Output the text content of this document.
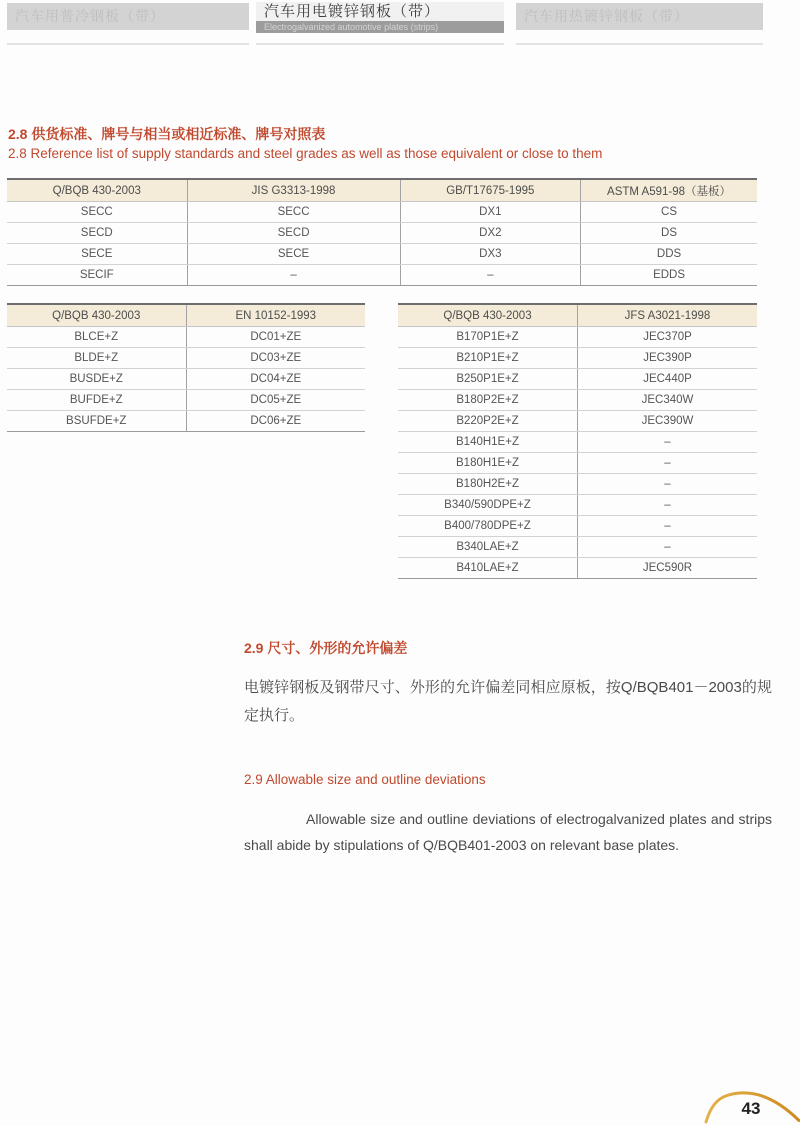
汽车用普冷钢板（带）	汽车用电镀锌钢板（带）
Electrogalvanized automotive plates (strips)
汽车用热镀锌钢板（带）
2.8 供货标准、牌号与相当或相近标准、牌号对照表
2.8 Reference list of supply standards and steel grades as well as those equivalent or close to them
Q/BQB 430-2003	JIS G3313-1998	GB/T17675-1995	ASTM A591-98（基板）
SECC	SECC	DX1	CS
SECD	SECD	DX2	DS
SECE	SECE	DX3	DDS
SECIF	–	–	EDDS
Q/BQB 430-2003	EN 10152-1993
BLCE+Z	DC01+ZE
BLDE+Z	DC03+ZE
BUSDE+Z	DC04+ZE
BUFDE+Z	DC05+ZE
BSUFDE+Z	DC06+ZE
Q/BQB 430-2003	JFS A3021-1998
B170P1E+Z	JEC370P
B210P1E+Z	JEC390P
B250P1E+Z	JEC440P
B180P2E+Z	JEC340W
B220P2E+Z	JEC390W
B140H1E+Z	–
B180H1E+Z	–
B180H2E+Z	–
B340/590DPE+Z	–
B400/780DPE+Z	–
B340LAE+Z	–
B410LAE+Z	JEC590R
2.9 尺寸、外形的允许偏差
电镀锌钢板及钢带尺寸、外形的允许偏差同相应原板，按Q/BQB401－2003的规定执行。
2.9 Allowable size and outline deviations
Allowable size and outline deviations of electrogalvanized plates and strips shall abide by stipulations of Q/BQB401-2003 on relevant base plates.
43
